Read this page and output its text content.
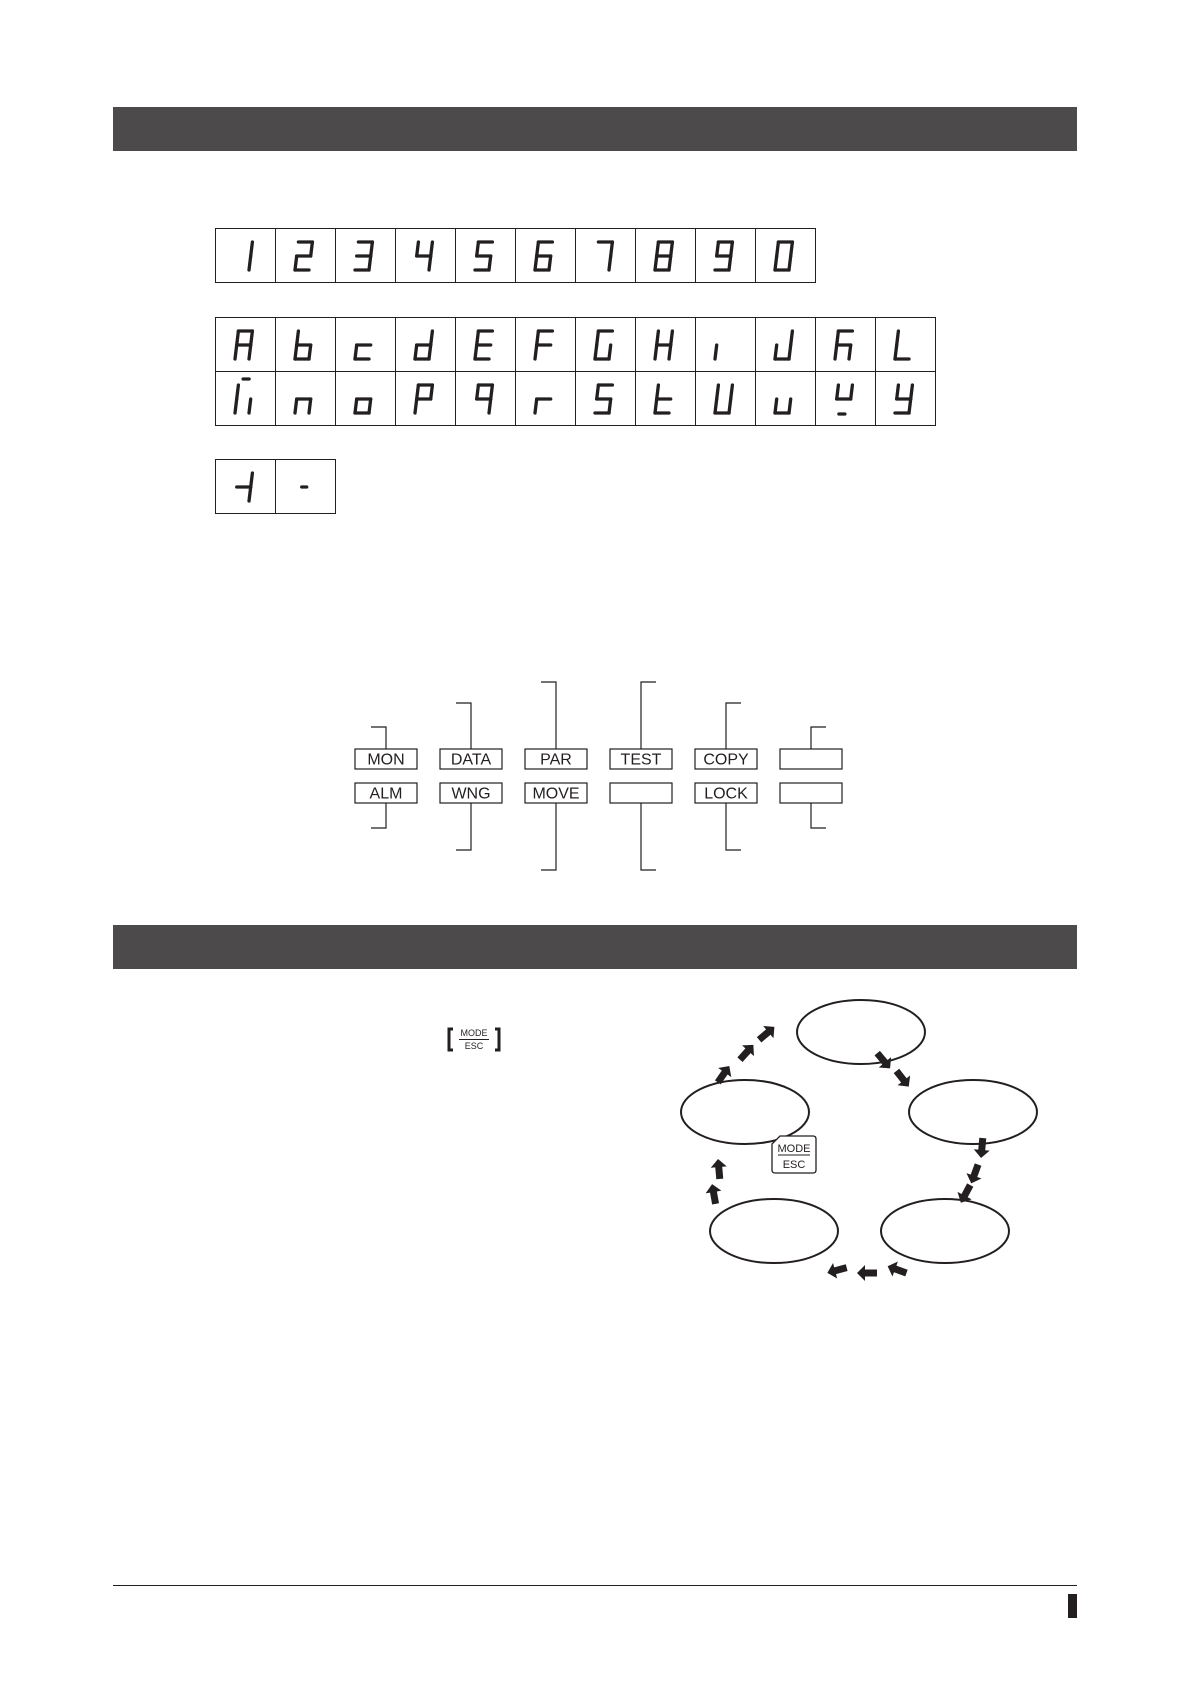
MON	DATA	PAR	TEST	COPY
ALM	WNG	MOVE	LOCK
MODE
ESC
MODE
ESC
